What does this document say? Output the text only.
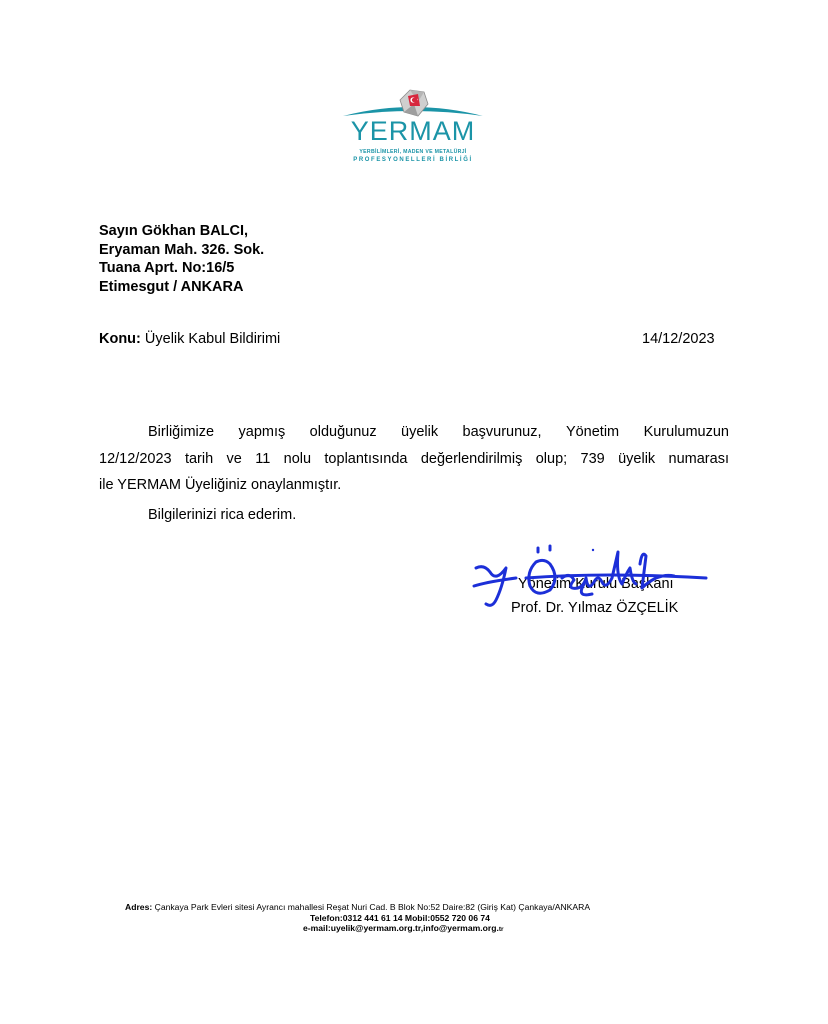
YERMAM
YERBİLİMLERİ, MADEN VE METALÜRJİ
PROFESYONELLERİ BİRLİĞİ
Sayın Gökhan BALCI,
Eryaman Mah. 326. Sok.
Tuana Aprt. No:16/5
Etimesgut / ANKARA
Konu: Üyelik Kabul Bildirimi	14/12/2023
Birliğimize yapmış olduğunuz üyelik başvurunuz, Yönetim Kurulumuzun
12/12/2023 tarih ve 11 nolu toplantısında değerlendirilmiş olup; 739 üyelik numarası
ile YERMAM Üyeliğiniz onaylanmıştır.
Bilgilerinizi rica ederim.
Yönetim Kurulu Başkanı
Prof. Dr. Yılmaz ÖZÇELİK
Adres: Çankaya Park Evleri sitesi Ayrancı mahallesi Reşat Nuri Cad. B Blok No:52 Daire:82 (Giriş Kat) Çankaya/ANKARA
Telefon:0312 441 61 14 Mobil:0552 720 06 74
e-mail:uyelik@yermam.org.tr,info@yermam.org.tr
